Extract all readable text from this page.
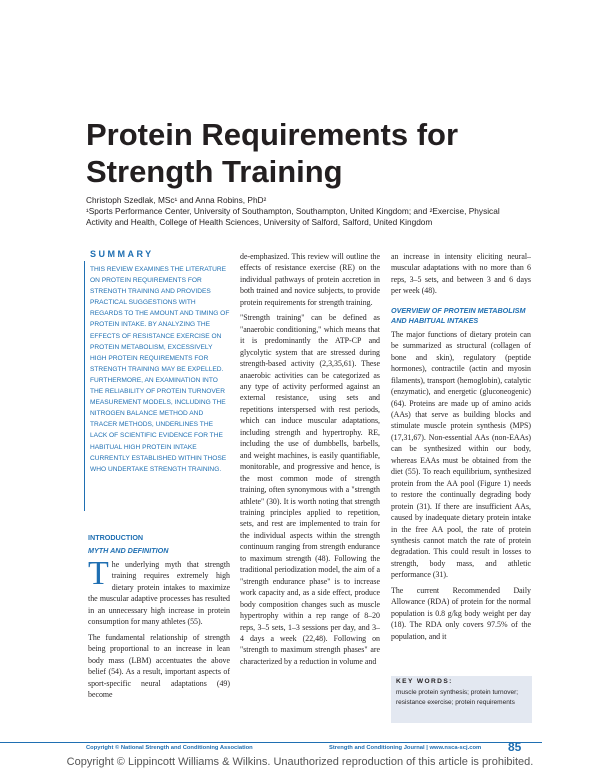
Protein Requirements for Strength Training
Christoph Szedlak, MSc¹ and Anna Robins, PhD²
¹Sports Performance Center, University of Southampton, Southampton, United Kingdom; and ²Exercise, Physical Activity and Health, College of Health Sciences, University of Salford, Salford, United Kingdom
SUMMARY

THIS REVIEW EXAMINES THE LITERATURE ON PROTEIN REQUIREMENTS FOR STRENGTH TRAINING AND PROVIDES PRACTICAL SUGGESTIONS WITH REGARDS TO THE AMOUNT AND TIMING OF PROTEIN INTAKE. BY ANALYZING THE EFFECTS OF RESISTANCE EXERCISE ON PROTEIN METABOLISM, EXCESSIVELY HIGH PROTEIN REQUIREMENTS FOR STRENGTH TRAINING MAY BE EXPELLED. FURTHERMORE, AN EXAMINATION INTO THE RELIABILITY OF PROTEIN TURNOVER MEASUREMENT MODELS, INCLUDING THE NITROGEN BALANCE METHOD AND TRACER METHODS, UNDERLINES THE LACK OF SCIENTIFIC EVIDENCE FOR THE HABITUAL HIGH PROTEIN INTAKE CURRENTLY ESTABLISHED WITHIN THOSE WHO UNDERTAKE STRENGTH TRAINING.

INTRODUCTION

MYTH AND DEFINITION

The underlying myth that strength training requires extremely high dietary protein intakes to maximize the muscular adaptive processes has resulted in an unnecessary high increase in protein consumption for many athletes (55).

The fundamental relationship of strength being proportional to an increase in lean body mass (LBM) accentuates the above belief (54). As a result, important aspects of sport-specific neural adaptations (49) become

de-emphasized. This review will outline the effects of resistance exercise (RE) on the individual pathways of protein accretion in both trained and novice subjects, to provide protein requirements for strength training.

"Strength training" can be defined as "anaerobic conditioning," which means that it is predominantly the ATP-CP and glycolytic system that are stressed during strength-based activity (2,3,35,61). These anaerobic activities can be categorized as any type of activity performed against an external resistance, using sets and repetitions interspersed with rest periods, which can induce muscular adaptations, including strength and hypertrophy. RE, including the use of dumbbells, barbells, and weight machines, is easily quantifiable, monitorable, and progressive and hence, is the most common mode of strength training, often synonymous with a "strength athlete" (30). It is worth noting that strength training principles applied to repetition, sets, and rest are implemented to train for the individual aspects within the strength continuum ranging from strength endurance to maximum strength (48). Following the traditional periodization model, the aim of a "strength endurance phase" is to increase work capacity and, as a side effect, produce body composition changes such as muscle hypertrophy within a rep range of 8–20 reps, 3–5 sets, 1–3 sessions per day, and 3–4 days a week (22,48). Following on "strength to maximum strength phases" are characterized by a reduction in volume and

an increase in intensity eliciting neural–muscular adaptations with no more than 6 reps, 3–5 sets, and between 3 and 6 days per week (48).

OVERVIEW OF PROTEIN METABOLISM AND HABITUAL INTAKES

The major functions of dietary protein can be summarized as structural (collagen of bone and skin), regulatory (peptide hormones), contractile (actin and myosin filaments), transport (hemoglobin), catalytic (enzymatic), and energetic (gluconeogenic) (64). Proteins are made up of amino acids (AAs) that serve as building blocks and stimulate muscle protein synthesis (MPS) (17,31,67). Non-essential AAs (non-EAAs) can be synthesized within our body, whereas EAAs must be obtained from the diet (55). To reach equilibrium, synthesized protein from the AA pool (Figure 1) needs to restore the continually degrading body protein (31). If there are insufficient AAs, caused by inadequate dietary protein intake in the free AA pool, the rate of protein synthesis cannot match the rate of protein degradation. This could result in losses to strength, body mass, and athletic performance (31).

The current Recommended Daily Allowance (RDA) of protein for the normal population is 0.8 g/kg body weight per day (18). The RDA only covers 97.5% of the population, and it

KEY WORDS:

muscle protein synthesis; protein turnover; resistance exercise; protein requirements

Copyright © National Strength and Conditioning Association	Strength and Conditioning Journal | www.nsca-scj.com 85
Copyright © Lippincott Williams & Wilkins. Unauthorized reproduction of this article is prohibited.
